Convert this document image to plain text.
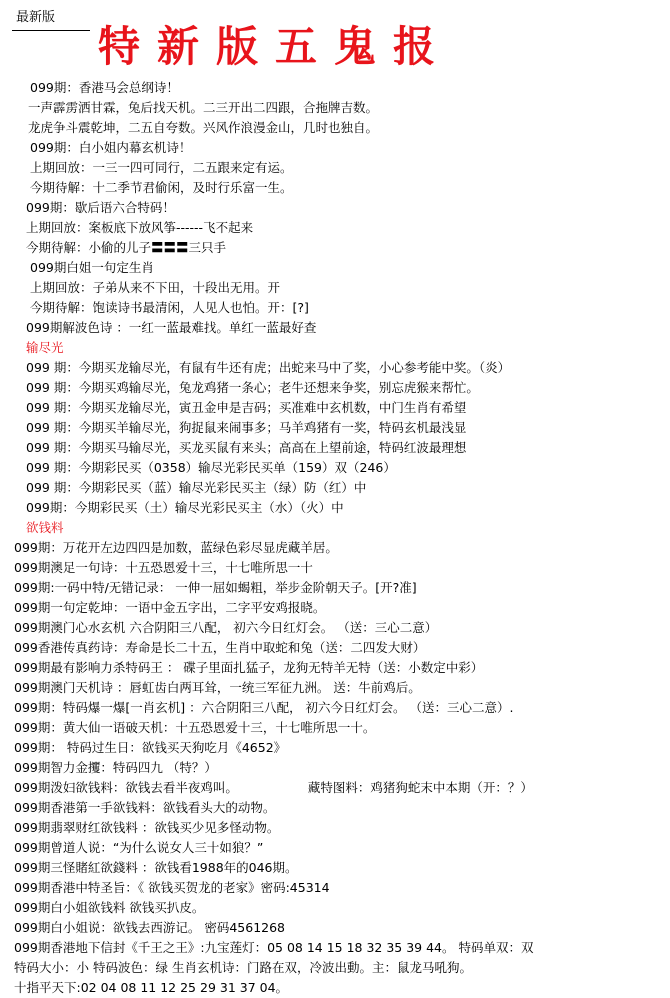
最新版
特新版五鬼报
099期：香港马会总纲诗！
一声霹雳洒甘霖，兔后找天机。二三开出二四跟，合拖牌吉数。
龙虎争斗震乾坤，二五自夸数。兴风作浪漫金山，几时也独自。
099期：白小姐内幕玄机诗！
上期回放：一三一四可同行，二五跟来定有运。
今期待解：十二季节君偷闲，及时行乐富一生。
099期：歇后语六合特码！
上期回放：案板底下放风筝------飞不起来
今期待解：小偷的儿子〓〓〓三只手
099期白姐一句定生肖
上期回放：子弟从来不下田，十段出无用。开
今期待解：饱读诗书最清闲，人见人也怕。开：[?]
099期解波色诗 ：一红一蓝最难找。单红一蓝最好查
输尽光
099 期：今期买龙输尽光，有鼠有牛还有虎；出蛇来马中了奖，小心参考能中奖。（炎）
099 期：今期买鸡输尽光，兔龙鸡猪一条心；老牛还想来争奖，别忘虎猴来帮忙。
099 期：今期买龙输尽光，寅丑金申是吉码；买准难中玄机数，中门生肖有希望
099 期：今期买羊输尽光，狗捉鼠来闹事多；马羊鸡猪有一奖，特码玄机最浅显
099 期：今期买马输尽光，买龙买鼠有来头；高高在上望前途，特码红波最理想
099 期：今期彩民买（0358）输尽光彩民买单（159）双（246）
099 期：今期彩民买（蓝）输尽光彩民买主（绿）防（红）中
099期：今期彩民买（土）输尽光彩民买主（水）（火）中
欲钱料
099期：万花开左边四四是加数，蓝绿色彩尽显虎藏羊居。
099期澳足一句诗：十五恐恩爱十三，十七唯所思一十
099期:一码中特/无错记录： 一伸一屈如蝎粗，举步金阶朝天子。[开?准]
099期一句定乾坤：一语中金五字出，二字平安鸡报晓。
099期澳门心水玄机 六合阴阳三八配， 初六今日红灯会。 （送：三心二意）
099香港传真药诗：寿命是长二十五，生肖中取蛇和兔（送：二四发大财）
099期最有影响力杀特码王 ： 碟子里面扎猛子，龙狗无特羊无特（送：小数定中彩）
099期澳门天机诗 ：唇虹齿白两耳耸，一统三军征九洲。 送：牛前鸡后。
099期：特码爆一爆[一肖玄机] ：六合阴阳三八配， 初六今日红灯会。 （送：三心二意）.
099期：黄大仙一语破天机：十五恐恩爱十三，十七唯所思一十。
099期： 特码过生日：欲钱买天狗吃月《4652》
099期智力金攫：特码四九 （特？）
099期泼妇欲钱料：欲钱去看半夜鸡叫。	藏特图料：鸡猪狗蛇末中本期（开：？）
099期香港第一手欲钱料：欲钱看头大的动物。
099期翡翠财红欲钱料 ：欲钱买少见多怪动物。
099期曾道人说：“为什么说女人三十如狼？”
099期三怪賭紅欲錢料 ：欲钱看1988年的046期。
099期香港中特圣旨：《 欲钱买贺龙的老家》密码:45314
099期白小姐欲钱料 欲钱买扒皮。
099期白小姐说：欲钱去西游记。 密码4561268
099期香港地下信封《千王之王》:九宝莲灯：05 08 14 15 18 32 35 39 44。 特码单双：双
特码大小：小 特码波色：绿 生肖玄机诗：门路在双，冷波出動。主：鼠龙马吼狗。
十指平天下:02 04 08 11 12 25 29 31 37 04。
